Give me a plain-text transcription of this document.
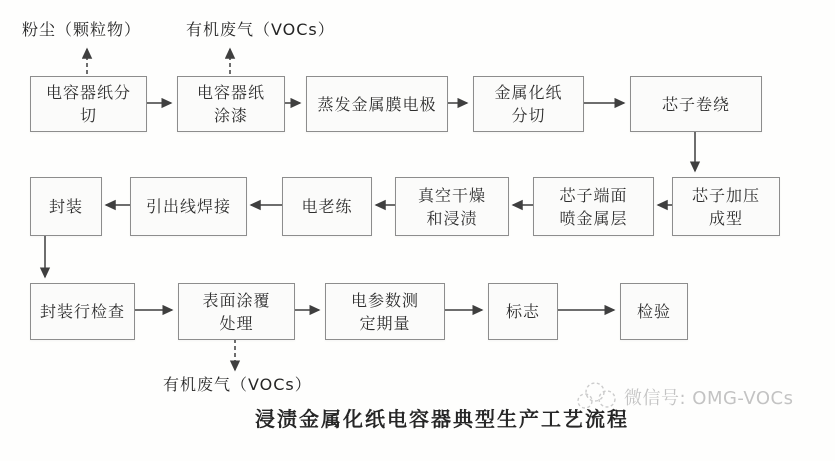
电容器纸分切
电容器纸涂漆
蒸发金属膜电极
金属化纸分切
芯子卷绕
芯子加压成型
芯子端面喷金属层
真空干燥和浸渍
电老练
引出线焊接
封装
封装行检查
表面涂覆处理
电参数测定期量
标志	检验
粉尘（颗粒物）	有机废气（VOCs）
有机废气（VOCs）
浸渍金属化纸电容器典型生产工艺流程
微信号: OMG-VOCs
